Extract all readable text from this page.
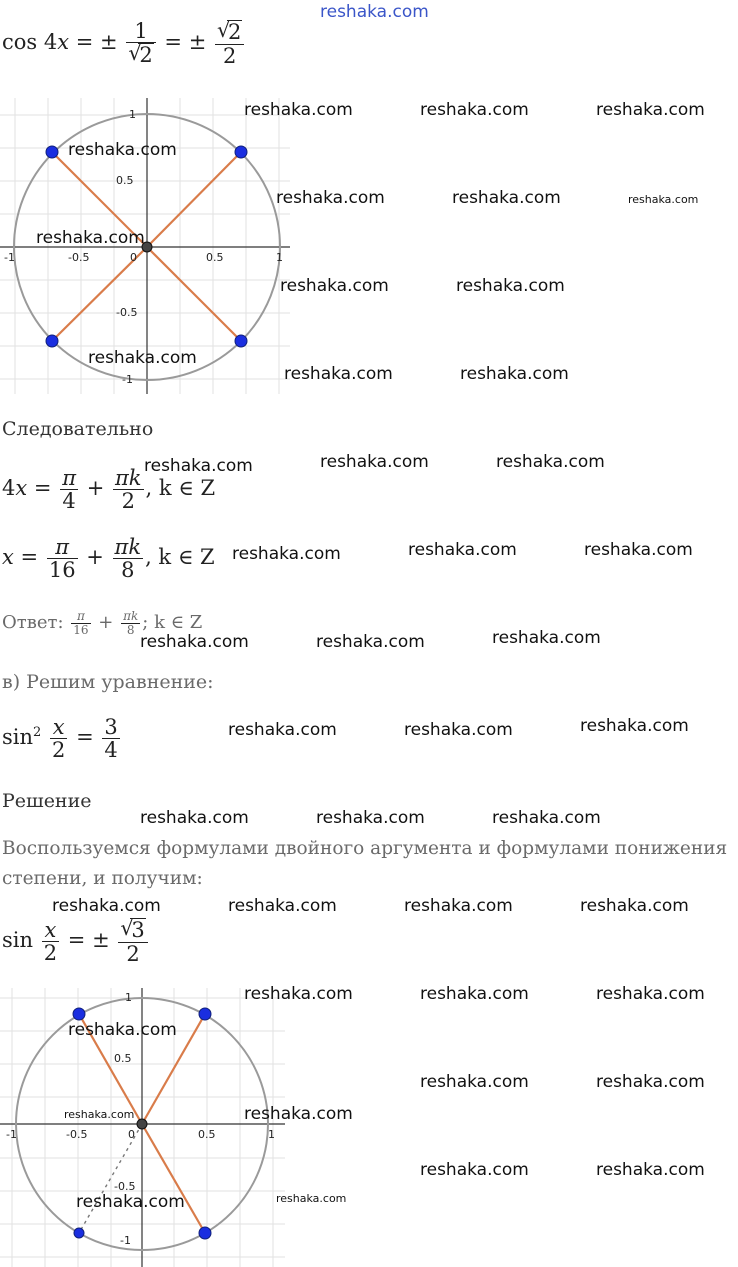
reshaka.com
cos 4x = ± 1
√
2 = ± √
2
2
1
0.5
0	0.5	1
-0.5
-1
-0.5
-1
reshaka.com
reshaka.com
reshaka.com
reshaka.com	reshaka.com	reshaka.com
reshaka.com	reshaka.com	reshaka.com
reshaka.com	reshaka.com
reshaka.com	reshaka.com
Следовательно
reshaka.com	reshaka.com	reshaka.com
$4x = \frac{\pi}{4} + \frac{\pi k}{2}$ , k ∈ Z
reshaka.com	reshaka.com	reshaka.com
$x = \frac{\pi}{16} + \frac{\pi k}{8}$ , k ∈ Z
Ответ: $\frac{\pi}{16} + \frac{\pi k}{8}$ ; k ∈ Z
reshaka.com	reshaka.com	reshaka.com
в) Решим уравнение:
$\sin^2 \frac{x}{2} = \frac{3}{4}$	reshaka.com	reshaka.com	reshaka.com
Решение
reshaka.com	reshaka.com	reshaka.com
Воспользуемся формулами двойного аргумента и формулами понижения
степени, и получим:
reshaka.com	reshaka.com	reshaka.com	reshaka.com
$\sin \frac{x}{2}$ = ± √
3
2
1
0.5
0	0.5	1
-0.5
-1
-0.5
-1
reshaka.com
reshaka.com
reshaka.com	reshaka.com
reshaka.com	reshaka.com	reshaka.com
reshaka.com	reshaka.com
reshaka.com
reshaka.com	reshaka.com
